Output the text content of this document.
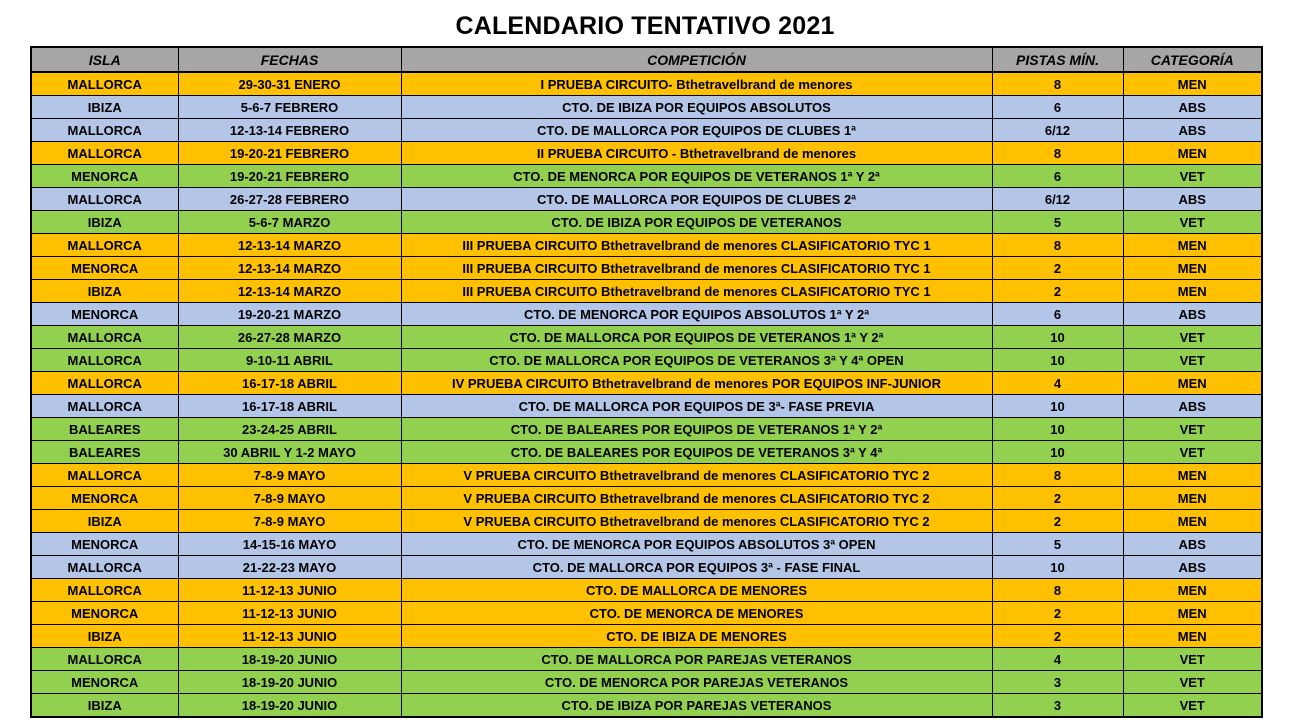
CALENDARIO TENTATIVO 2021
ISLA	FECHAS	COMPETICIÓN	PISTAS MÍN.	CATEGORÍA
MALLORCA	29-30-31 ENERO	I PRUEBA CIRCUITO- Bthetravelbrand de menores	8	MEN
IBIZA	5-6-7 FEBRERO	CTO. DE IBIZA POR EQUIPOS ABSOLUTOS	6	ABS
MALLORCA	12-13-14 FEBRERO	CTO. DE MALLORCA POR EQUIPOS DE CLUBES 1ª	6/12	ABS
MALLORCA	19-20-21 FEBRERO	II PRUEBA CIRCUITO - Bthetravelbrand de menores	8	MEN
MENORCA	19-20-21 FEBRERO	CTO. DE MENORCA POR EQUIPOS DE VETERANOS 1ª Y 2ª	6	VET
MALLORCA	26-27-28 FEBRERO	CTO. DE MALLORCA POR EQUIPOS DE CLUBES 2ª	6/12	ABS
IBIZA	5-6-7 MARZO	CTO. DE IBIZA POR EQUIPOS DE VETERANOS	5	VET
MALLORCA	12-13-14 MARZO	III PRUEBA CIRCUITO Bthetravelbrand de menores CLASIFICATORIO TYC 1	8	MEN
MENORCA	12-13-14 MARZO	III PRUEBA CIRCUITO Bthetravelbrand de menores CLASIFICATORIO TYC 1	2	MEN
IBIZA	12-13-14 MARZO	III PRUEBA CIRCUITO Bthetravelbrand de menores CLASIFICATORIO TYC 1	2	MEN
MENORCA	19-20-21 MARZO	CTO. DE MENORCA POR EQUIPOS ABSOLUTOS 1ª Y 2ª	6	ABS
MALLORCA	26-27-28 MARZO	CTO. DE MALLORCA POR EQUIPOS DE VETERANOS 1ª Y 2ª	10	VET
MALLORCA	9-10-11 ABRIL	CTO. DE MALLORCA POR EQUIPOS DE VETERANOS 3ª Y 4ª OPEN	10	VET
MALLORCA	16-17-18 ABRIL	IV PRUEBA CIRCUITO Bthetravelbrand de menores POR EQUIPOS INF-JUNIOR	4	MEN
MALLORCA	16-17-18 ABRIL	CTO. DE MALLORCA POR EQUIPOS DE 3ª- FASE PREVIA	10	ABS
BALEARES	23-24-25 ABRIL	CTO. DE BALEARES POR EQUIPOS DE VETERANOS 1ª Y 2ª	10	VET
BALEARES	30 ABRIL Y 1-2 MAYO	CTO. DE BALEARES POR EQUIPOS DE VETERANOS 3ª Y 4ª	10	VET
MALLORCA	7-8-9 MAYO	V PRUEBA CIRCUITO Bthetravelbrand de menores CLASIFICATORIO TYC 2	8	MEN
MENORCA	7-8-9 MAYO	V PRUEBA CIRCUITO Bthetravelbrand de menores CLASIFICATORIO TYC 2	2	MEN
IBIZA	7-8-9 MAYO	V PRUEBA CIRCUITO Bthetravelbrand de menores CLASIFICATORIO TYC 2	2	MEN
MENORCA	14-15-16 MAYO	CTO. DE MENORCA POR EQUIPOS ABSOLUTOS 3ª OPEN	5	ABS
MALLORCA	21-22-23 MAYO	CTO. DE MALLORCA POR EQUIPOS 3ª - FASE FINAL	10	ABS
MALLORCA	11-12-13 JUNIO	CTO. DE MALLORCA DE MENORES	8	MEN
MENORCA	11-12-13 JUNIO	CTO. DE MENORCA DE MENORES	2	MEN
IBIZA	11-12-13 JUNIO	CTO. DE IBIZA DE MENORES	2	MEN
MALLORCA	18-19-20 JUNIO	CTO. DE MALLORCA POR PAREJAS VETERANOS	4	VET
MENORCA	18-19-20 JUNIO	CTO. DE MENORCA POR PAREJAS VETERANOS	3	VET
IBIZA	18-19-20 JUNIO	CTO. DE IBIZA POR PAREJAS VETERANOS	3	VET
